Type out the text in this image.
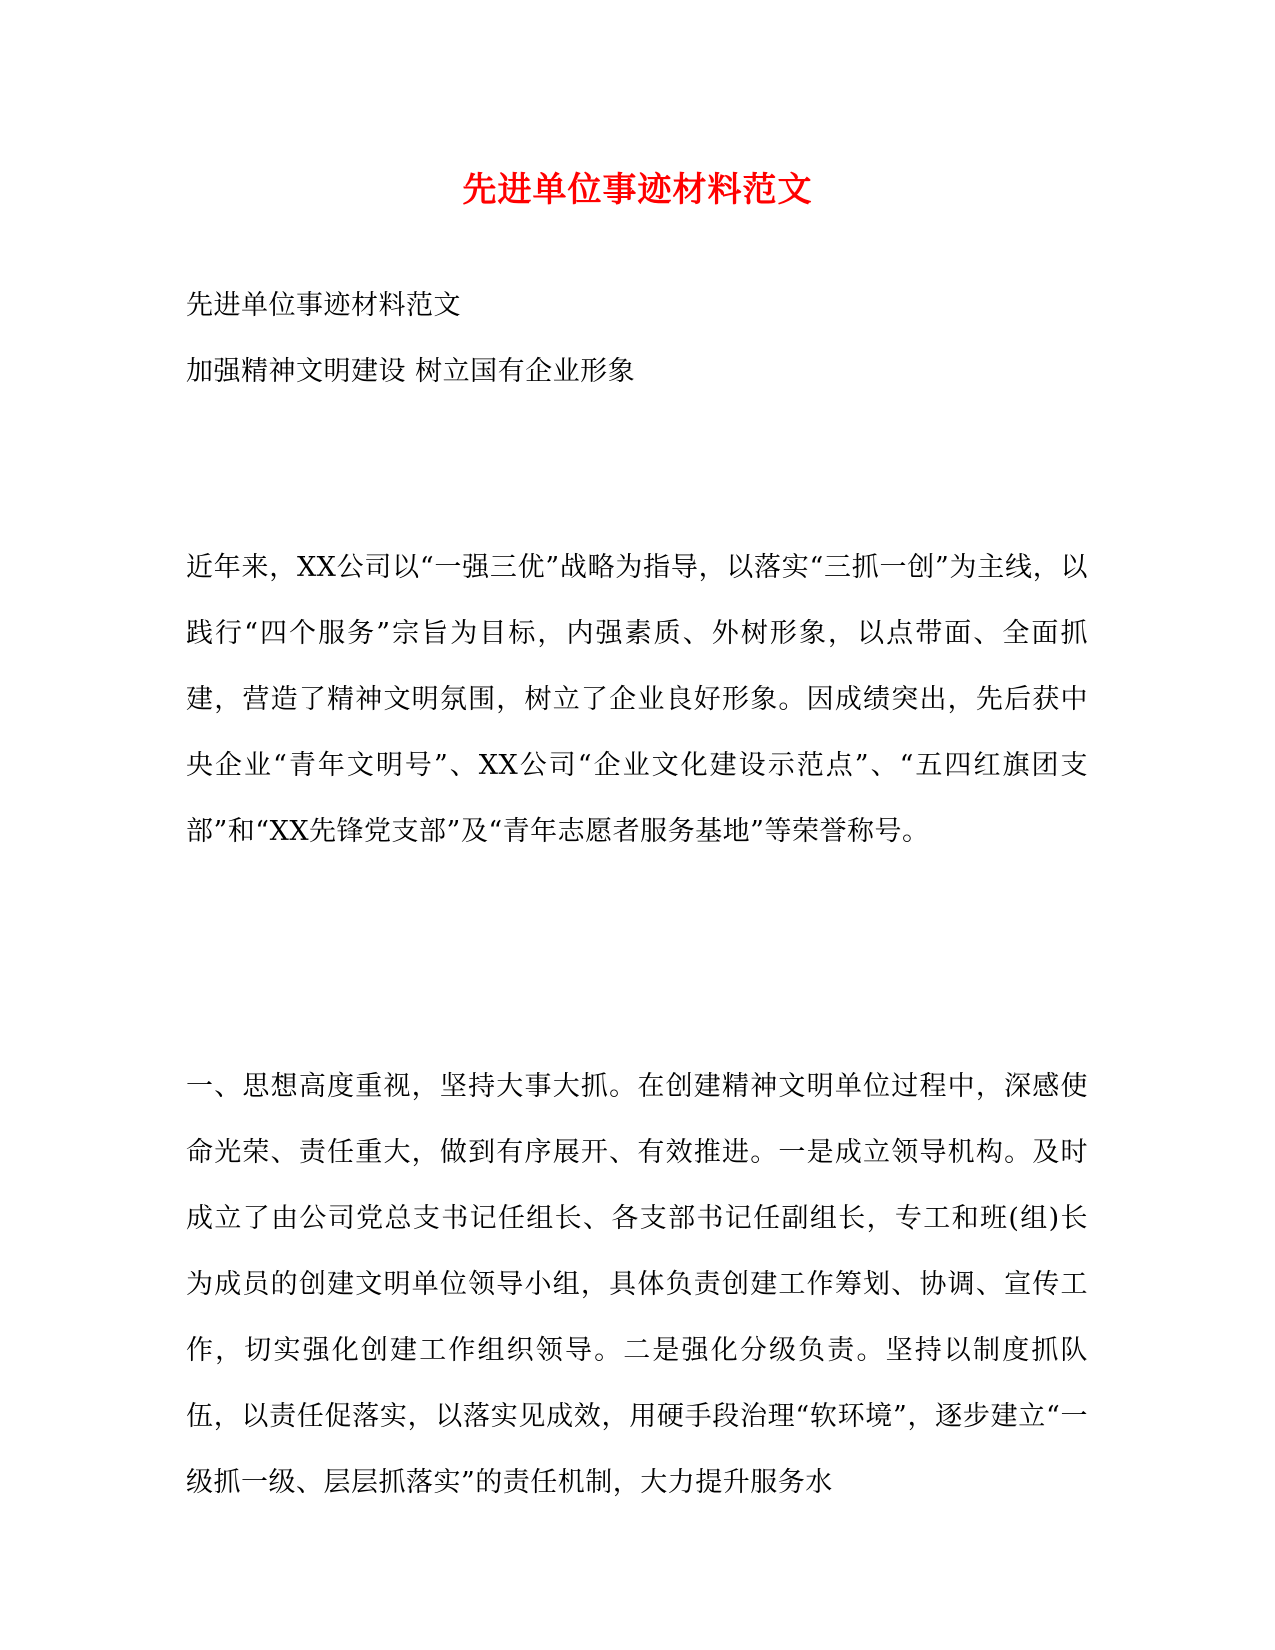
先进单位事迹材料范文
先进单位事迹材料范文
加强精神文明建设 树立国有企业形象
近年来，XX公司以“一强三优”战略为指导，以落实“三抓一创”为主线，以践行“四个服务”宗旨为目标，内强素质、外树形象，以点带面、全面抓建，营造了精神文明氛围，树立了企业良好形象。因成绩突出，先后获中央企业“青年文明号”、XX公司“企业文化建设示范点”、“五四红旗团支部”和“XX先锋党支部”及“青年志愿者服务基地”等荣誉称号。
一、思想高度重视，坚持大事大抓。在创建精神文明单位过程中，深感使命光荣、责任重大，做到有序展开、有效推进。一是成立领导机构。及时成立了由公司党总支书记任组长、各支部书记任副组长，专工和班(组)长为成员的创建文明单位领导小组，具体负责创建工作筹划、协调、宣传工作，切实强化创建工作组织领导。二是强化分级负责。坚持以制度抓队伍，以责任促落实，以落实见成效，用硬手段治理“软环境”，逐步建立“一级抓一级、层层抓落实”的责任机制，大力提升服务水
